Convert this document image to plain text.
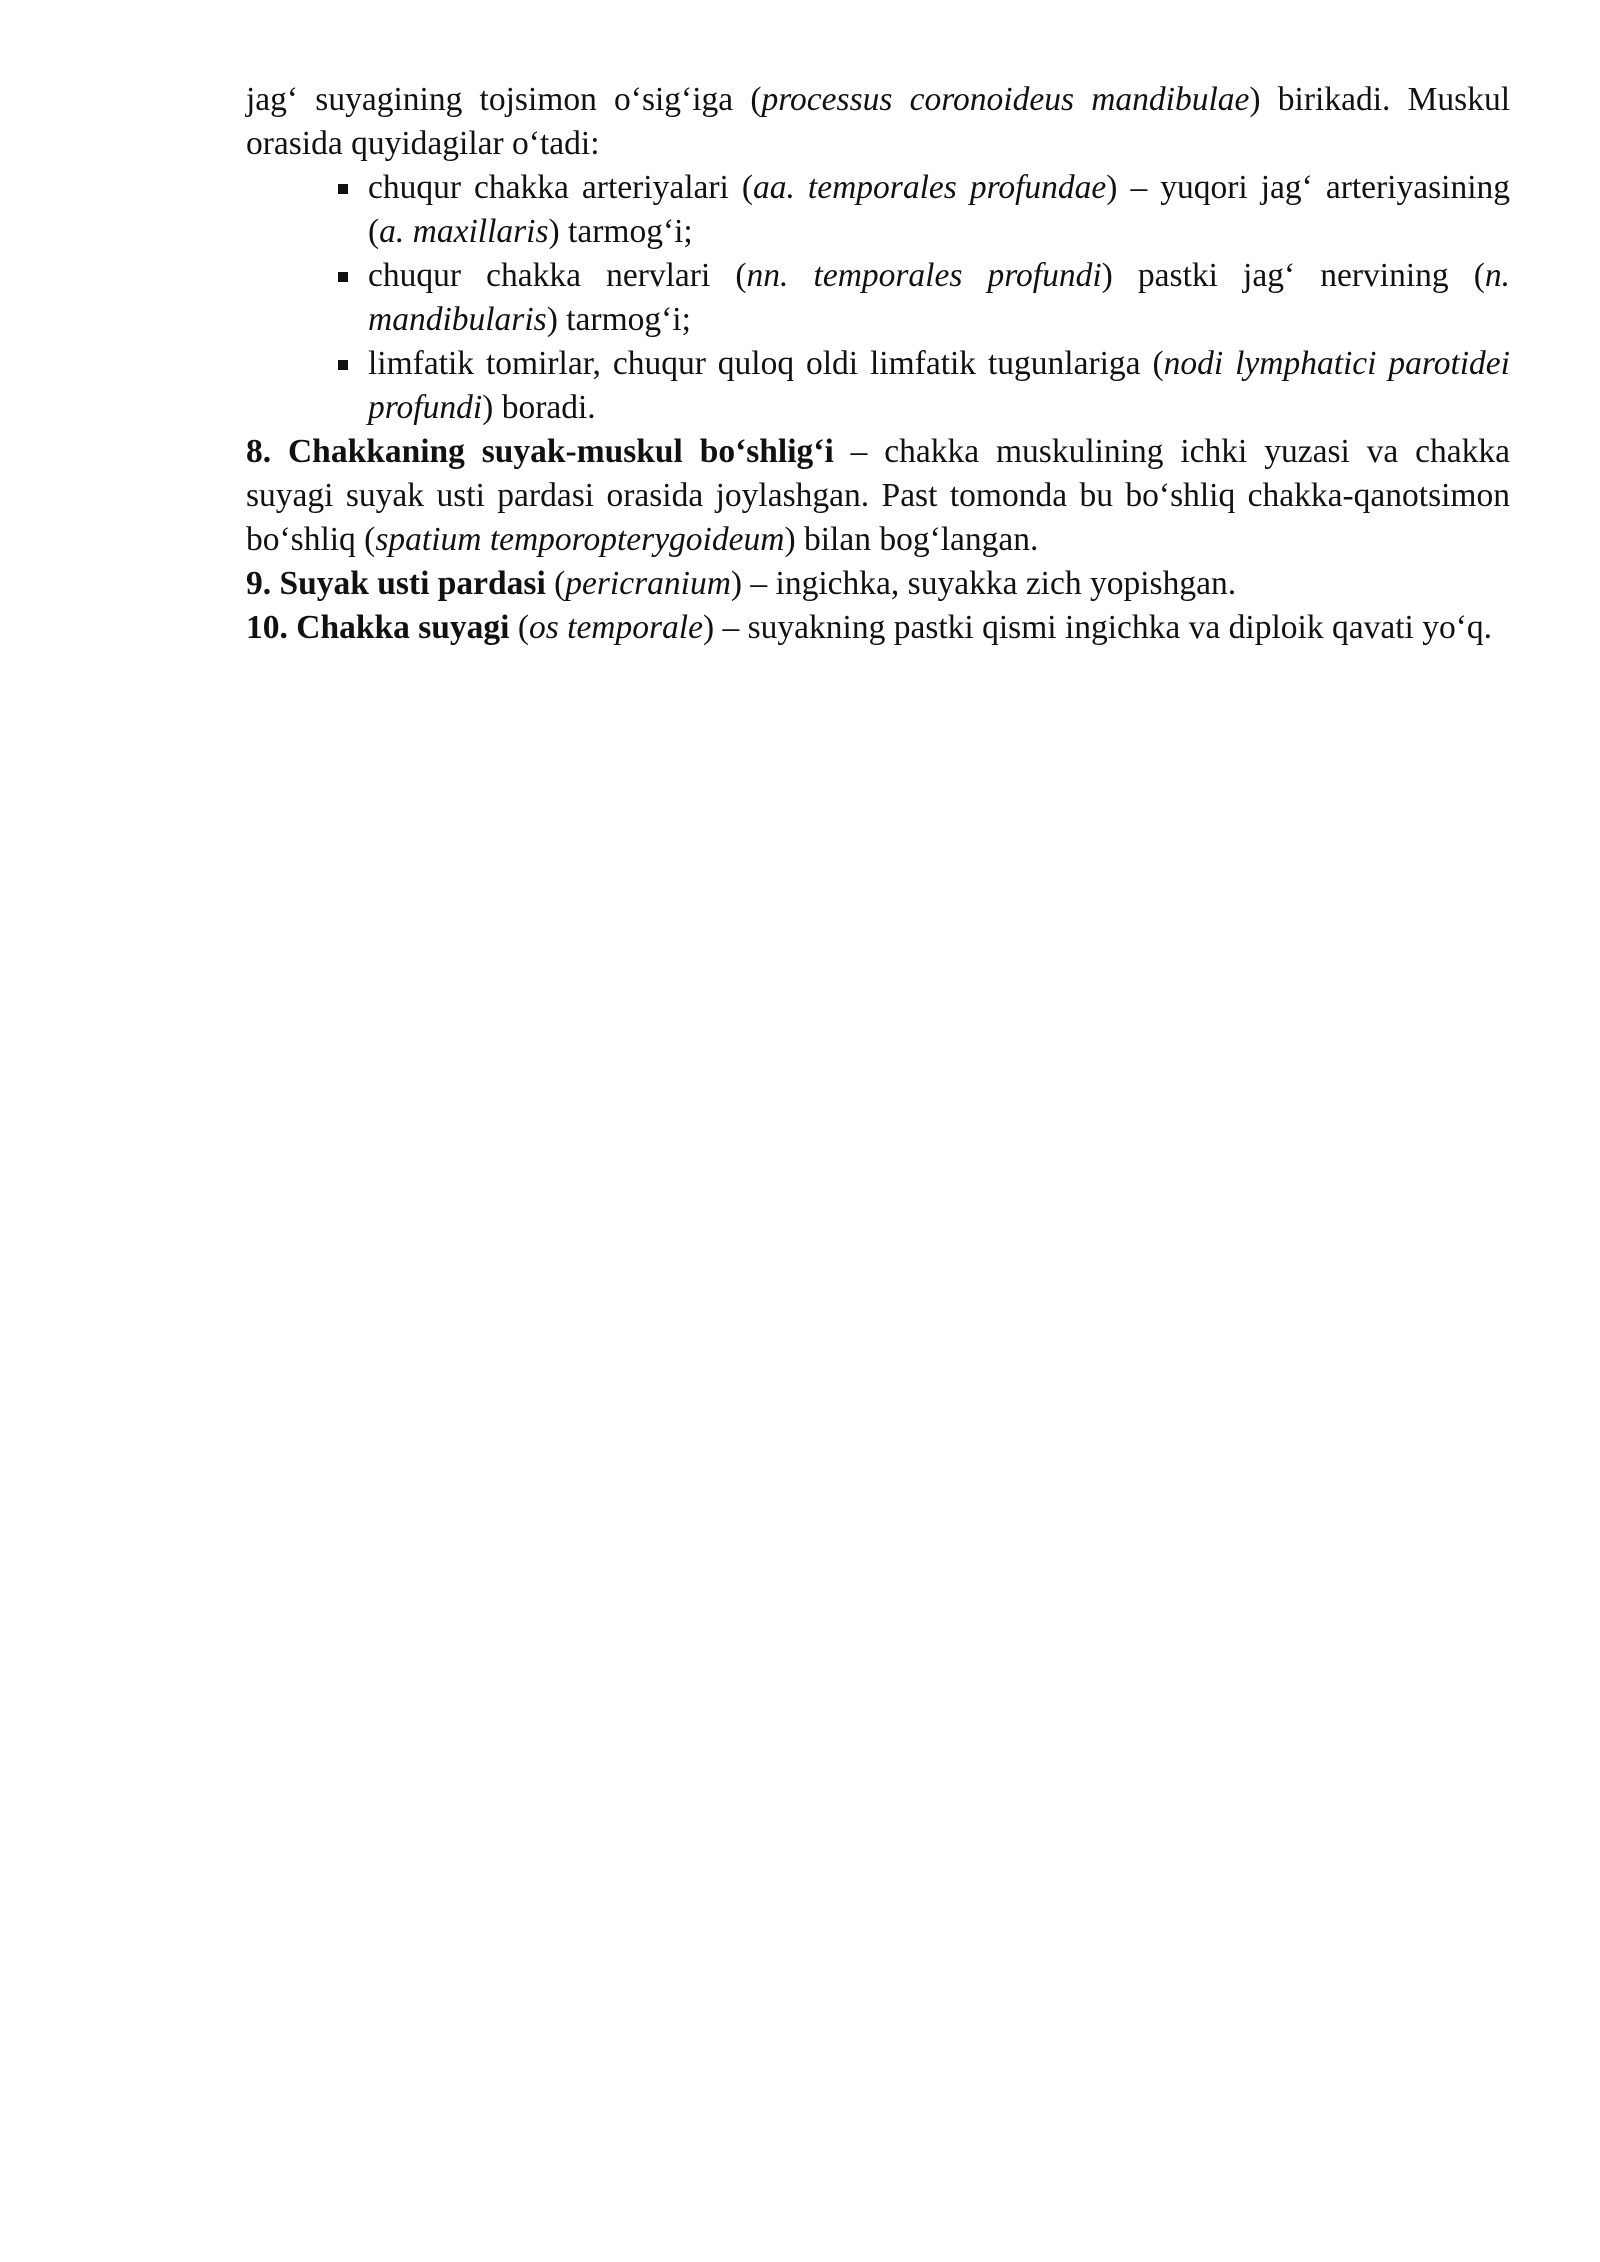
jag‘ suyagining tojsimon o‘sig‘iga (processus coronoideus mandibulae) birikadi. Muskul orasida quyidagilar o‘tadi:

chuqur chakka arteriyalari (aa. temporales profundae) – yuqori jag‘ arteriyasining (a. maxillaris) tarmog‘i;
chuqur chakka nervlari (nn. temporales profundi) pastki jag‘ nervining (n. mandibularis) tarmog‘i;
limfatik tomirlar, chuqur quloq oldi limfatik tugunlariga (nodi lymphatici parotidei profundi) boradi.

8. Chakkaning suyak-muskul bo‘shlig‘i – chakka muskulining ichki yuzasi va chakka suyagi suyak usti pardasi orasida joylashgan. Past tomonda bu bo‘shliq chakka-qanotsimon bo‘shliq (spatium temporopterygoideum) bilan bog‘langan.

9. Suyak usti pardasi (pericranium) – ingichka, suyakka zich yopishgan.

10. Chakka suyagi (os temporale) – suyakning pastki qismi ingichka va diploik qavati yo‘q.
